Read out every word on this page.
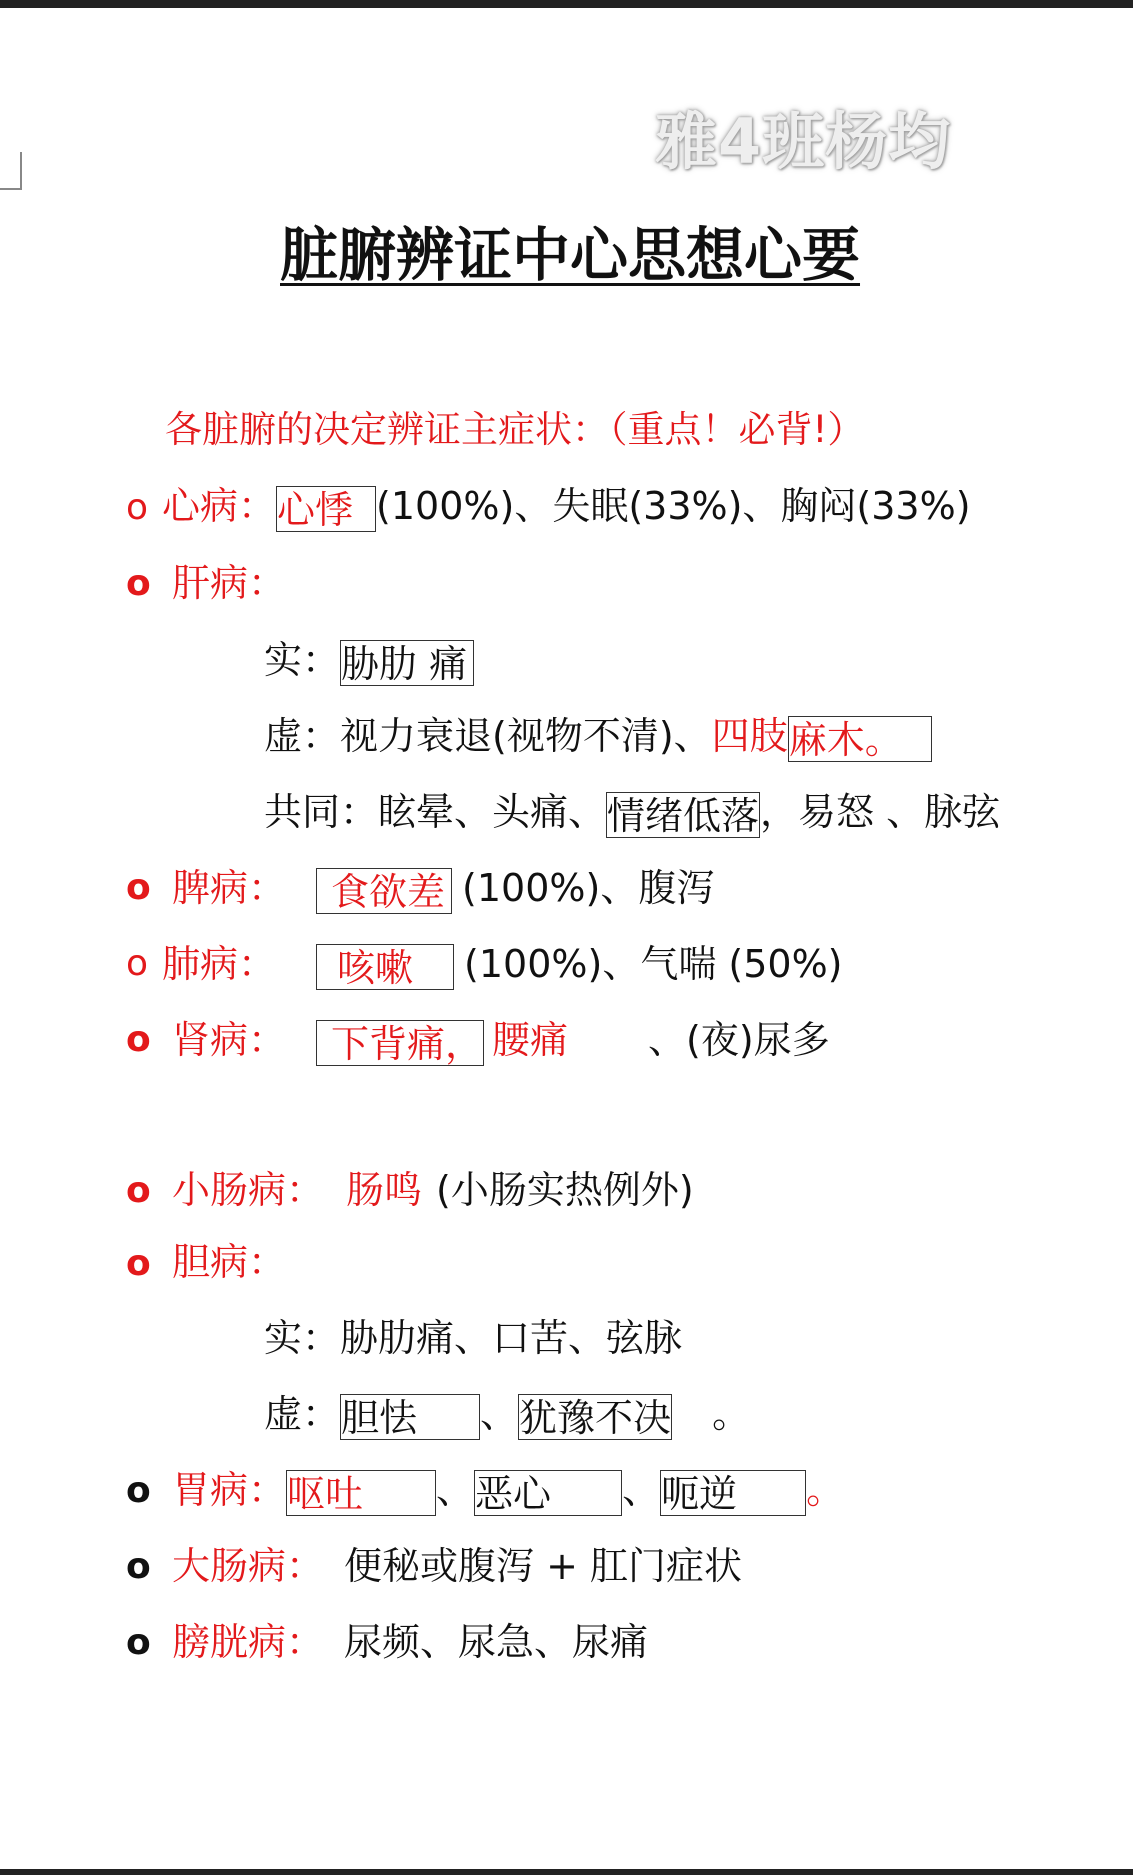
雅4班杨均
脏腑辨证中心思想心要
各脏腑的决定辨证主症状：（重点！必背!）
o 心病：心悸 (100%)、失眠(33%)、胸闷(33%)
o 肝病：
实：胁肋 痛
虚：视力衰退(视物不清)、四肢麻木。
共同：眩晕、头痛、情绪低落，易怒 、脉弦
o 脾病： 食欲差 (100%)、腹泻
o 肺病： 咳嗽 (100%)、气喘 (50%)
o 肾病： 下背痛， 腰痛 、(夜)尿多
o 小肠病： 肠鸣 (小肠实热例外)
o 胆病：
实：胁肋痛、口苦、弦脉
虚：胆怯 、犹豫不决 。
o 胃病：呕吐 、恶心 、呃逆 。
o 大肠病： 便秘或腹泻 + 肛门症状
o 膀胱病： 尿频、尿急、尿痛
